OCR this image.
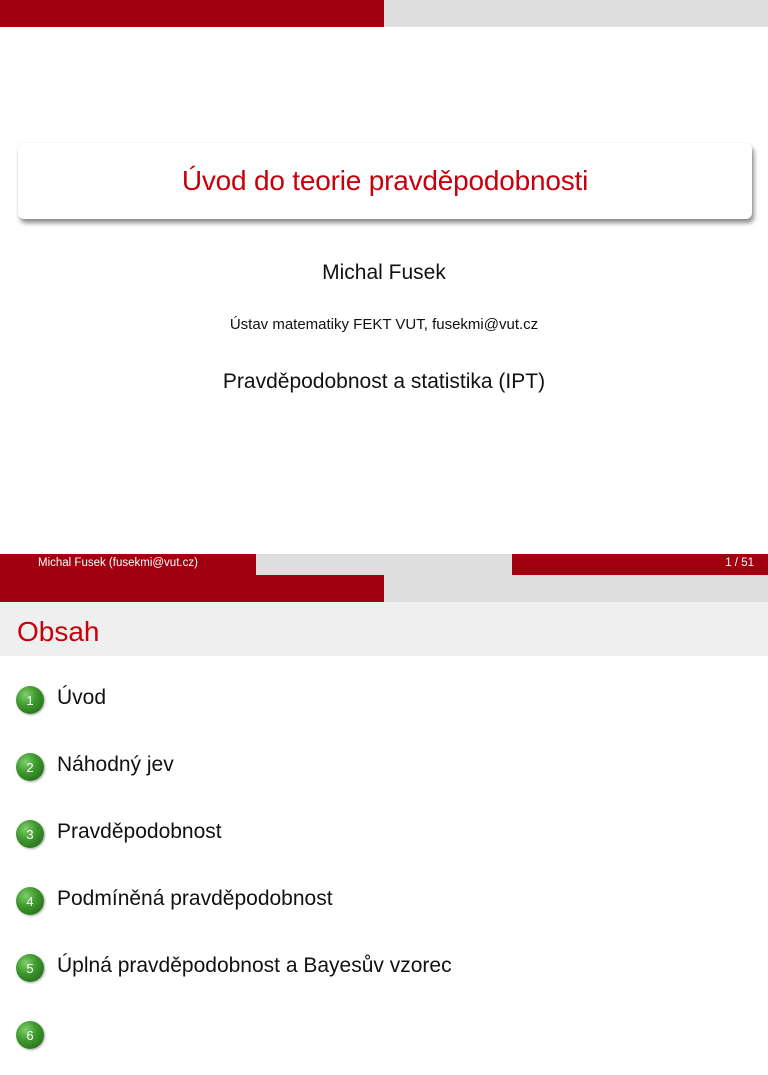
Úvod do teorie pravděpodobnosti
Michal Fusek
Ústav matematiky FEKT VUT, fusekmi@vut.cz
Pravděpodobnost a statistika (IPT)
Michal Fusek (fusekmi@vut.cz)	1 / 51
Obsah
1	Úvod
2	Náhodný jev
3	Pravděpodobnost
4	Podmíněná pravděpodobnost
5	Úplná pravděpodobnost a Bayesův vzorec
6
